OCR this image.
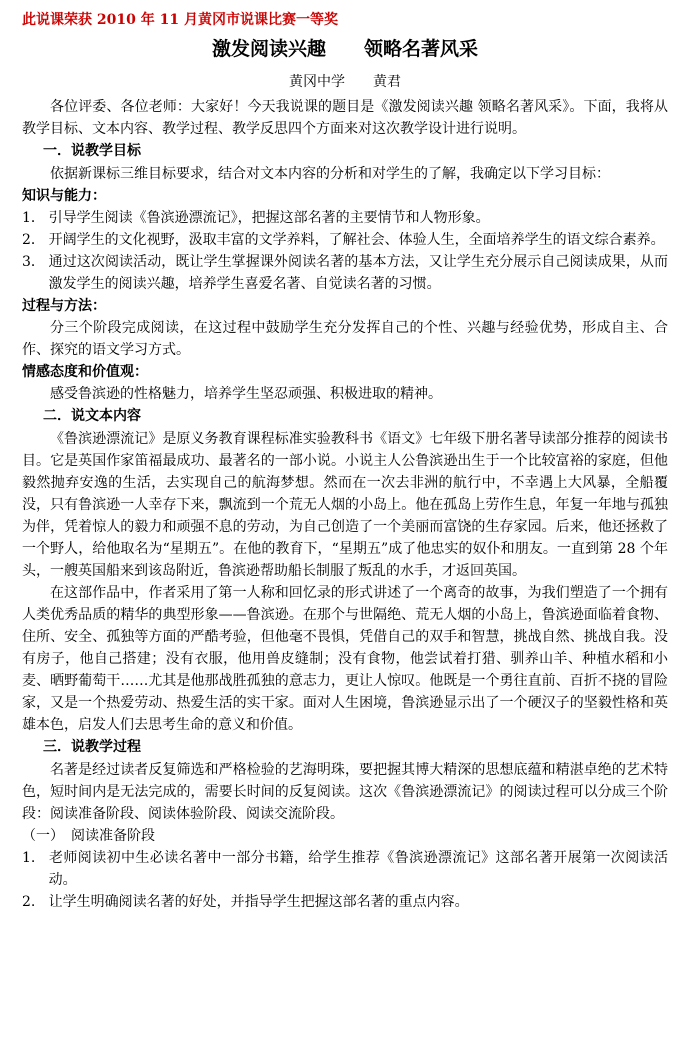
此说课荣获 2010 年 11 月黄冈市说课比赛一等奖
激发阅读兴趣　　领略名著风采
黄冈中学　　黄君

各位评委、各位老师：大家好！今天我说课的题目是《激发阅读兴趣 领略名著风采》。下面，我将从教学目标、文本内容、教学过程、教学反思四个方面来对这次教学设计进行说明。

一．说教学目标

依据新课标三维目标要求，结合对文本内容的分析和对学生的了解，我确定以下学习目标：

知识与能力：

1． 引导学生阅读《鲁滨逊漂流记》，把握这部名著的主要情节和人物形象。

2． 开阔学生的文化视野，汲取丰富的文学养料，了解社会、体验人生，全面培养学生的语文综合素养。

3． 通过这次阅读活动，既让学生掌握课外阅读名著的基本方法，又让学生充分展示自己阅读成果，从而激发学生的阅读兴趣，培养学生喜爱名著、自觉读名著的习惯。

过程与方法：

分三个阶段完成阅读，在这过程中鼓励学生充分发挥自己的个性、兴趣与经验优势，形成自主、合作、探究的语文学习方式。

情感态度和价值观：

感受鲁滨逊的性格魅力，培养学生坚忍顽强、积极进取的精神。

二．说文本内容

《鲁滨逊漂流记》是原义务教育课程标准实验教科书《语文》七年级下册名著导读部分推荐的阅读书目。它是英国作家笛福最成功、最著名的一部小说。小说主人公鲁滨逊出生于一个比较富裕的家庭，但他毅然抛弃安逸的生活，去实现自己的航海梦想。然而在一次去非洲的航行中，不幸遇上大风暴，全船覆没，只有鲁滨逊一人幸存下来，飘流到一个荒无人烟的小岛上。他在孤岛上劳作生息，年复一年地与孤独为伴，凭着惊人的毅力和顽强不息的劳动，为自己创造了一个美丽而富饶的生存家园。后来，他还拯救了一个野人，给他取名为“星期五”。在他的教育下，“星期五”成了他忠实的奴仆和朋友。一直到第 28 个年头，一艘英国船来到该岛附近，鲁滨逊帮助船长制服了叛乱的水手，才返回英国。

在这部作品中，作者采用了第一人称和回忆录的形式讲述了一个离奇的故事，为我们塑造了一个拥有人类优秀品质的精华的典型形象——鲁滨逊。在那个与世隔绝、荒无人烟的小岛上，鲁滨逊面临着食物、住所、安全、孤独等方面的严酷考验，但他毫不畏惧，凭借自己的双手和智慧，挑战自然、挑战自我。没有房子，他自己搭建；没有衣服，他用兽皮缝制；没有食物，他尝试着打猎、驯养山羊、种植水稻和小麦、晒野葡萄干……尤其是他那战胜孤独的意志力，更让人惊叹。他既是一个勇往直前、百折不挠的冒险家，又是一个热爱劳动、热爱生活的实干家。面对人生困境，鲁滨逊显示出了一个硬汉子的坚毅性格和英雄本色，启发人们去思考生命的意义和价值。

三．说教学过程

名著是经过读者反复筛选和严格检验的艺海明珠，要把握其博大精深的思想底蕴和精湛卓绝的艺术特色，短时间内是无法完成的，需要长时间的反复阅读。这次《鲁滨逊漂流记》的阅读过程可以分成三个阶段：阅读准备阶段、阅读体验阶段、阅读交流阶段。

（一）　阅读准备阶段

1. 老师阅读初中生必读名著中一部分书籍，给学生推荐《鲁滨逊漂流记》这部名著开展第一次阅读活动。

2. 让学生明确阅读名著的好处，并指导学生把握这部名著的重点内容。
